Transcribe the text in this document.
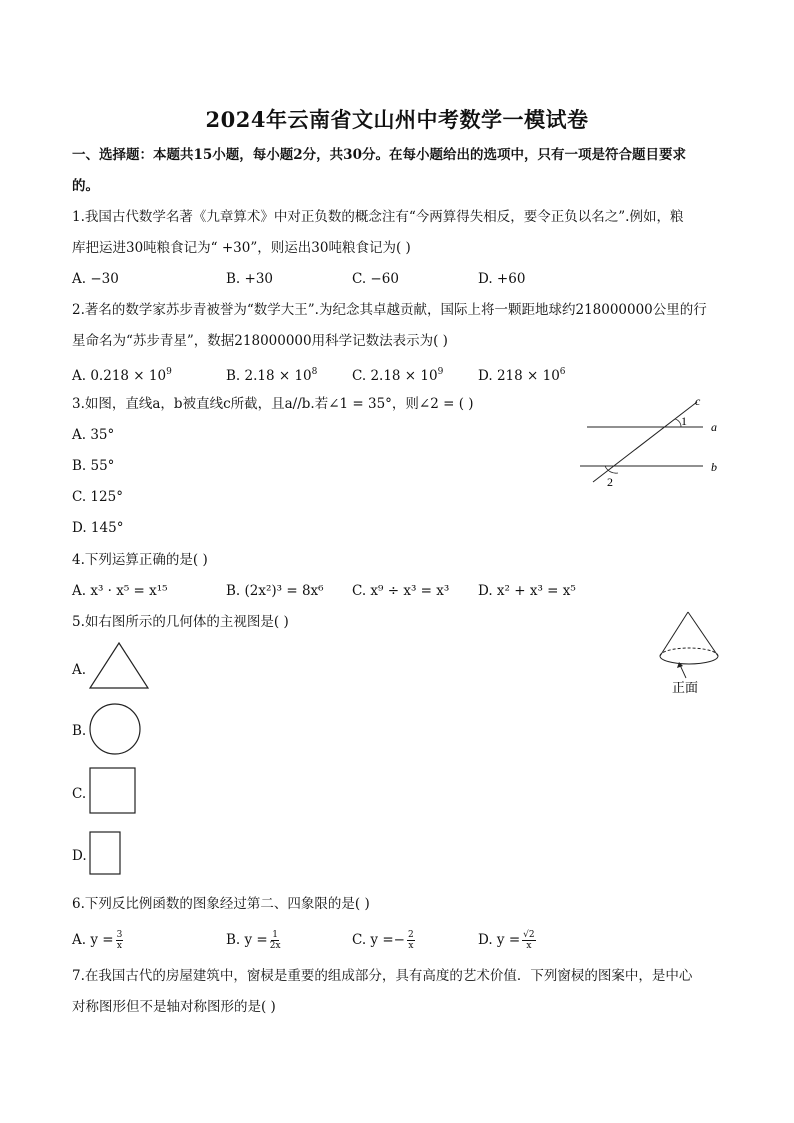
2024年云南省文山州中考数学一模试卷
一、选择题：本题共15小题，每小题2分，共30分。在每小题给出的选项中，只有一项是符合题目要求
的。
1.我国古代数学名著《九章算术》中对正负数的概念注有“今两算得失相反，要令正负以名之”.例如，粮
库把运进30吨粮食记为“ +30”，则运出30吨粮食记为( )
A. −30	B. +30	C. −60	D. +60
2.著名的数学家苏步青被誉为“数学大王”.为纪念其卓越贡献，国际上将一颗距地球约218000000公里的行
星命名为“苏步青星”，数据218000000用科学记数法表示为( )
A. $0.218 \times 10^9$	B. $2.18 \times 10^8$	C. $2.18 \times 10^9$	D. $218 \times 10^6$
3.如图，直线a，b被直线c所截，且a//b.若∠1 = 35°，则∠2 = ( )
A. 35°
B. 55°
C. 125°
D. 145°
c
a
b
1
2
4.下列运算正确的是( )
A. x³ · x⁵ = x¹⁵	B. (2x²)³ = 8x⁶ C. x⁹ ÷ x³ = x³ D. x² + x³ = x⁵
5.如右图所示的几何体的主视图是( )
A.
B.
C.
D.
正面
6.下列反比例函数的图象经过第二、四象限的是( )
A. $y = \frac{3}{x}$	B. $y = \frac{1}{2x}$	C. $y =- \frac{2}{x}$	D. $y = \frac{√2}{x}$
7.在我国古代的房屋建筑中，窗棂是重要的组成部分，具有高度的艺术价值．下列窗棂的图案中，是中心
对称图形但不是轴对称图形的是( )
